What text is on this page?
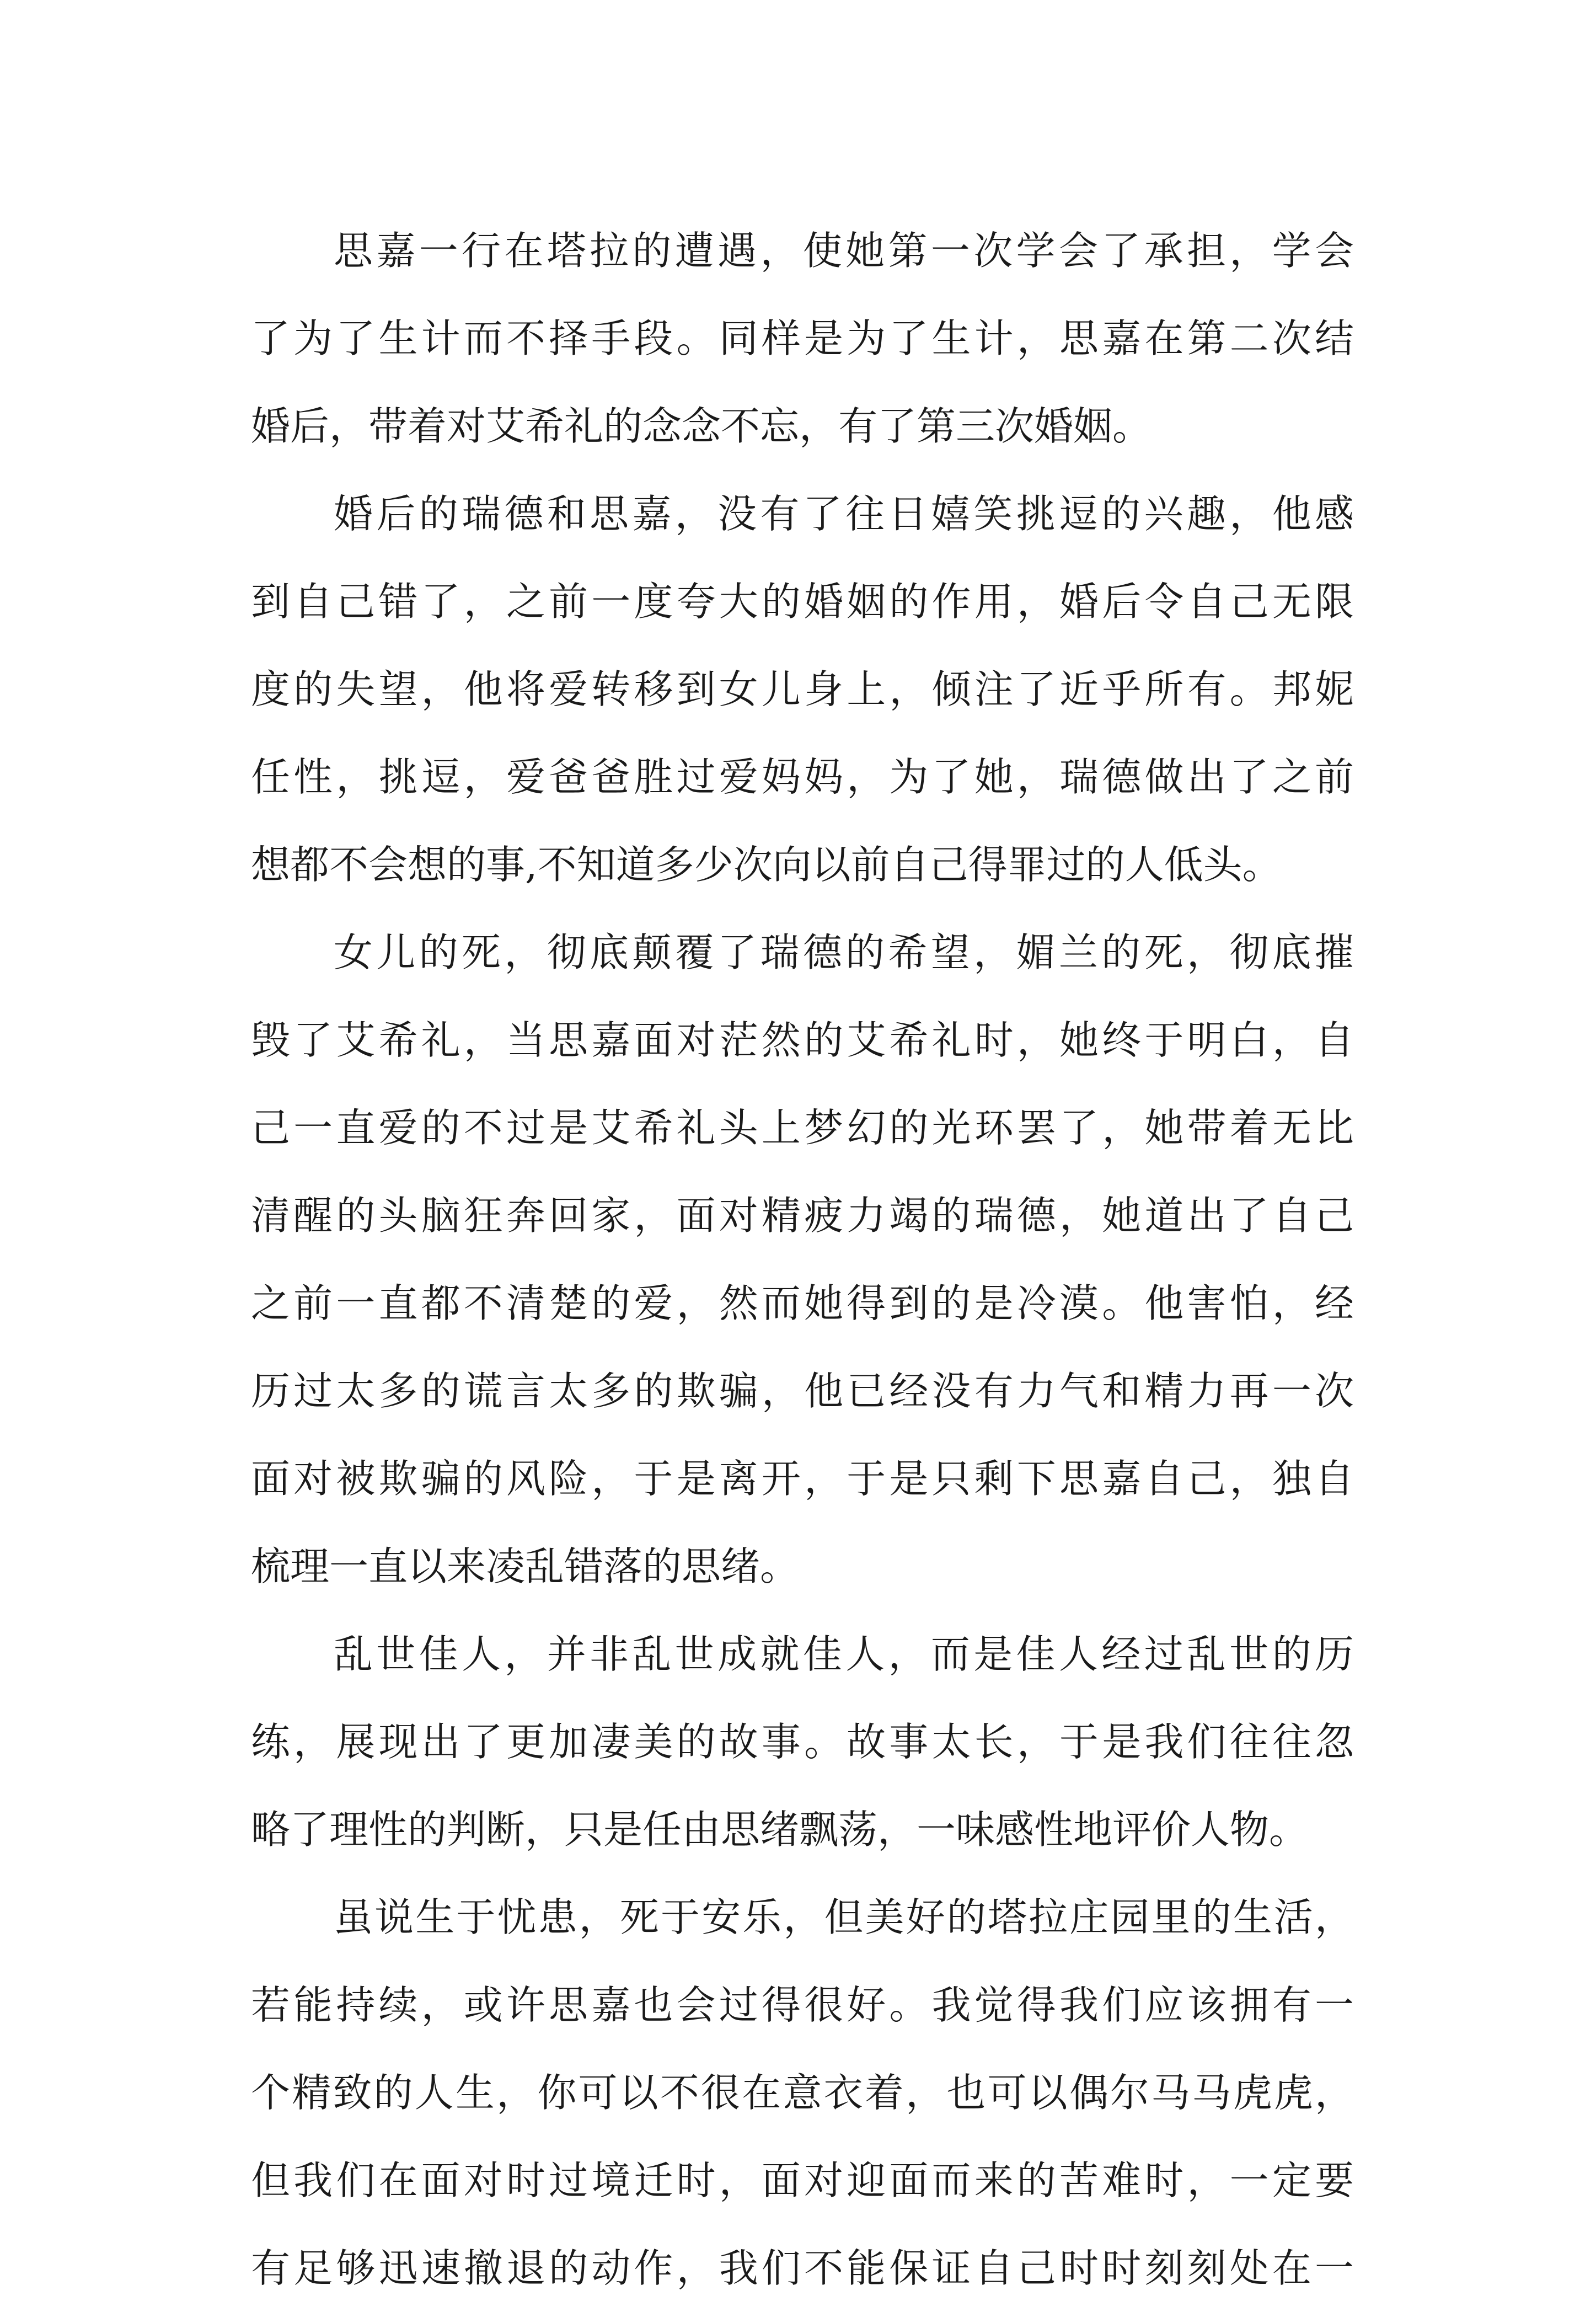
思嘉一行在塔拉的遭遇，使她第一次学会了承担，学会
了为了生计而不择手段。同样是为了生计，思嘉在第二次结
婚后，带着对艾希礼的念念不忘，有了第三次婚姻。
婚后的瑞德和思嘉，没有了往日嬉笑挑逗的兴趣，他感
到自己错了，之前一度夸大的婚姻的作用，婚后令自己无限
度的失望，他将爱转移到女儿身上，倾注了近乎所有。邦妮
任性，挑逗，爱爸爸胜过爱妈妈，为了她，瑞德做出了之前
想都不会想的事,不知道多少次向以前自己得罪过的人低头。
女儿的死，彻底颠覆了瑞德的希望，媚兰的死，彻底摧
毁了艾希礼，当思嘉面对茫然的艾希礼时，她终于明白，自
己一直爱的不过是艾希礼头上梦幻的光环罢了，她带着无比
清醒的头脑狂奔回家，面对精疲力竭的瑞德，她道出了自己
之前一直都不清楚的爱，然而她得到的是冷漠。他害怕，经
历过太多的谎言太多的欺骗，他已经没有力气和精力再一次
面对被欺骗的风险，于是离开，于是只剩下思嘉自己，独自
梳理一直以来凌乱错落的思绪。
乱世佳人，并非乱世成就佳人，而是佳人经过乱世的历
练，展现出了更加凄美的故事。故事太长，于是我们往往忽
略了理性的判断，只是任由思绪飘荡，一味感性地评价人物。
虽说生于忧患，死于安乐，但美好的塔拉庄园里的生活，
若能持续，或许思嘉也会过得很好。我觉得我们应该拥有一
个精致的人生，你可以不很在意衣着，也可以偶尔马马虎虎，
但我们在面对时过境迁时，面对迎面而来的苦难时，一定要
有足够迅速撤退的动作，我们不能保证自己时时刻刻处在一
